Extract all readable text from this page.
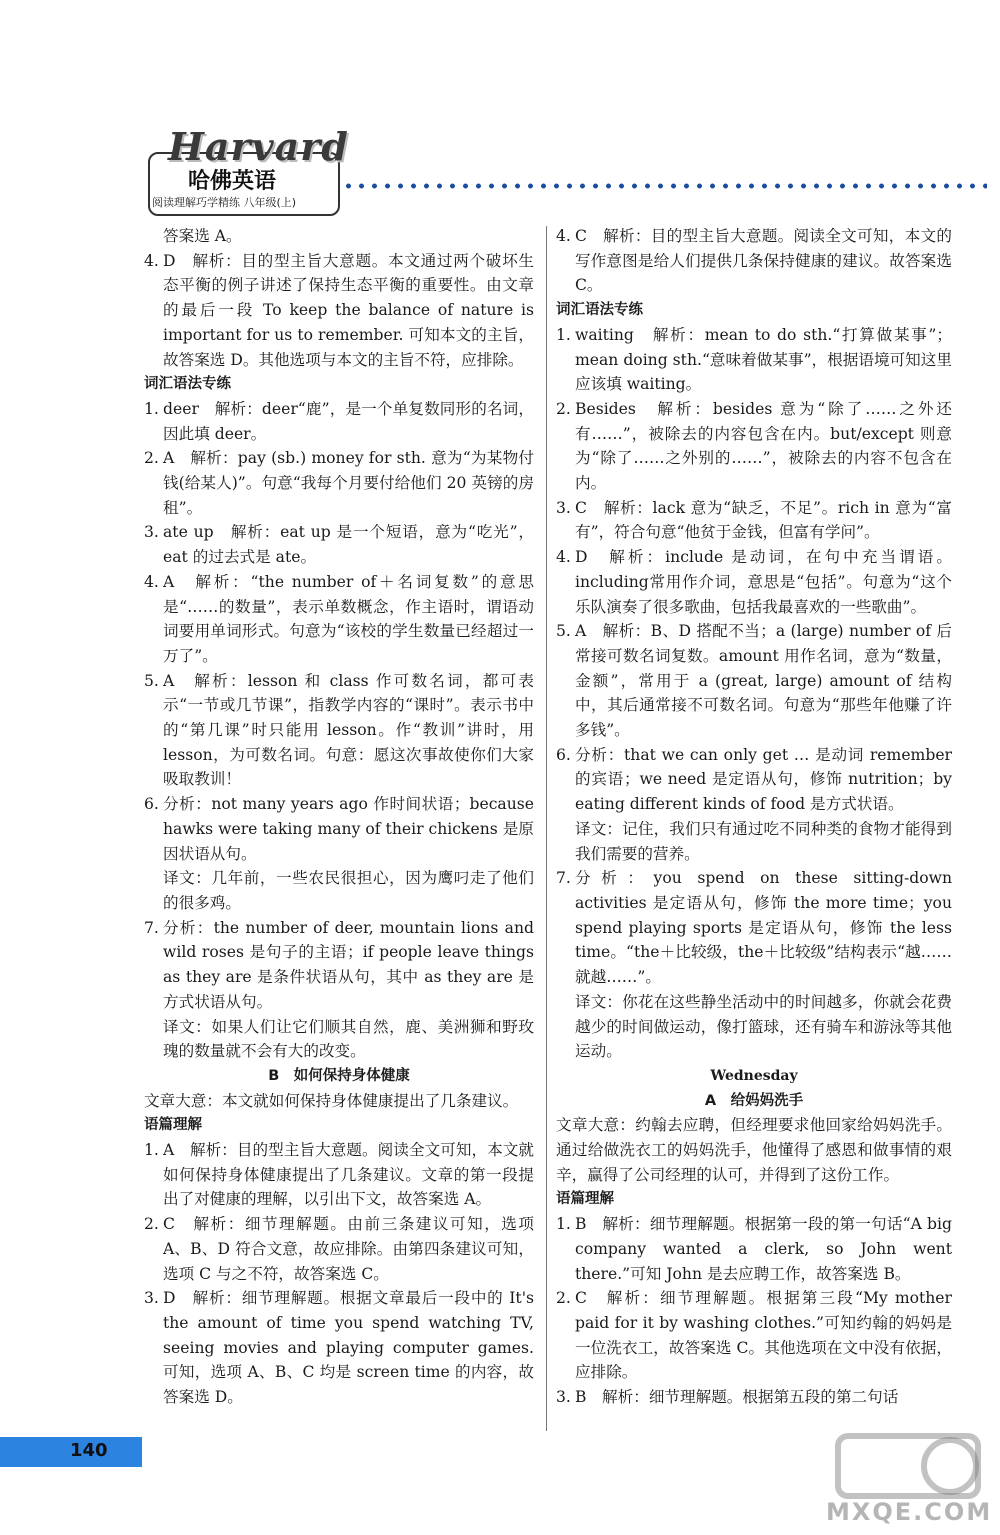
Harvard
哈佛英语
阅读理解巧学精练 八年级(上)

答案选 A。

4. D　解析：目的型主旨大意题。本文通过两个破坏生态平衡的例子讲述了保持生态平衡的重要性。由文章的最后一段 To keep the balance of nature is important for us to remember. 可知本文的主旨，故答案选 D。其他选项与本文的主旨不符，应排除。

词汇语法专练

1. deer　解析：deer“鹿”，是一个单复数同形的名词，因此填 deer。

2. A　解析：pay (sb.) money for sth. 意为“为某物付钱(给某人)”。句意“我每个月要付给他们 20 英镑的房租”。

3. ate up　解析：eat up 是一个短语，意为“吃光”，eat 的过去式是 ate。

4. A　解析：“the number of＋名词复数”的意思是“……的数量”，表示单数概念，作主语时，谓语动词要用单词形式。句意为“该校的学生数量已经超过一万了”。

5. A　解析：lesson 和 class 作可数名词，都可表示“一节或几节课”，指教学内容的“课时”。表示书中的“第几课”时只能用 lesson。作“教训”讲时，用 lesson，为可数名词。句意：愿这次事故使你们大家吸取教训！

6. 分析：not many years ago 作时间状语；because hawks were taking many of their chickens 是原因状语从句。

译文：几年前，一些农民很担心，因为鹰叼走了他们的很多鸡。

7. 分析：the number of deer, mountain lions and wild roses 是句子的主语；if people leave things as they are 是条件状语从句，其中 as they are 是方式状语从句。

译文：如果人们让它们顺其自然，鹿、美洲狮和野玫瑰的数量就不会有大的改变。

B　如何保持身体健康

文章大意：本文就如何保持身体健康提出了几条建议。

语篇理解

1. A　解析：目的型主旨大意题。阅读全文可知，本文就如何保持身体健康提出了几条建议。文章的第一段提出了对健康的理解，以引出下文，故答案选 A。

2. C　解析：细节理解题。由前三条建议可知，选项 A、B、D 符合文意，故应排除。由第四条建议可知，选项 C 与之不符，故答案选 C。

3. D　解析：细节理解题。根据文章最后一段中的 It's the amount of time you spend watching TV, seeing movies and playing computer games. 可知，选项 A、B、C 均是 screen time 的内容，故答案选 D。

4. C　解析：目的型主旨大意题。阅读全文可知，本文的写作意图是给人们提供几条保持健康的建议。故答案选 C。

词汇语法专练

1. waiting　解析：mean to do sth.“打算做某事”；mean doing sth.“意味着做某事”，根据语境可知这里应该填 waiting。

2. Besides　解析：besides 意为“除了……之外还有……”，被除去的内容包含在内。but/except 则意为“除了……之外别的……”，被除去的内容不包含在内。

3. C　解析：lack 意为“缺乏，不足”。rich in 意为“富有”，符合句意“他贫于金钱，但富有学问”。

4. D　解析：include 是动词，在句中充当谓语。including常用作介词，意思是“包括”。句意为“这个乐队演奏了很多歌曲，包括我最喜欢的一些歌曲”。

5. A　解析：B、D 搭配不当；a (large) number of 后常接可数名词复数。amount 用作名词，意为“数量，金额”，常用于 a (great, large) amount of 结构中，其后通常接不可数名词。句意为“那些年他赚了许多钱”。

6. 分析：that we can only get … 是动词 remember 的宾语；we need 是定语从句，修饰 nutrition；by eating different kinds of food 是方式状语。

译文：记住，我们只有通过吃不同种类的食物才能得到我们需要的营养。

7. 分析：you spend on these sitting-down activities 是定语从句，修饰 the more time；you spend playing sports 是定语从句，修饰 the less time。“the＋比较级，the＋比较级”结构表示“越……就越……”。

译文：你花在这些静坐活动中的时间越多，你就会花费越少的时间做运动，像打篮球，还有骑车和游泳等其他运动。

Wednesday

A　给妈妈洗手

文章大意：约翰去应聘，但经理要求他回家给妈妈洗手。通过给做洗衣工的妈妈洗手，他懂得了感恩和做事情的艰辛，赢得了公司经理的认可，并得到了这份工作。

语篇理解

1. B　解析：细节理解题。根据第一段的第一句话“A big company wanted a clerk, so John went there.”可知 John 是去应聘工作，故答案选 B。

2. C　解析：细节理解题。根据第三段“My mother paid for it by washing clothes.”可知约翰的妈妈是一位洗衣工，故答案选 C。其他选项在文中没有依据，应排除。

3. B　解析：细节理解题。根据第五段的第二句话

140
MXQE.COM
